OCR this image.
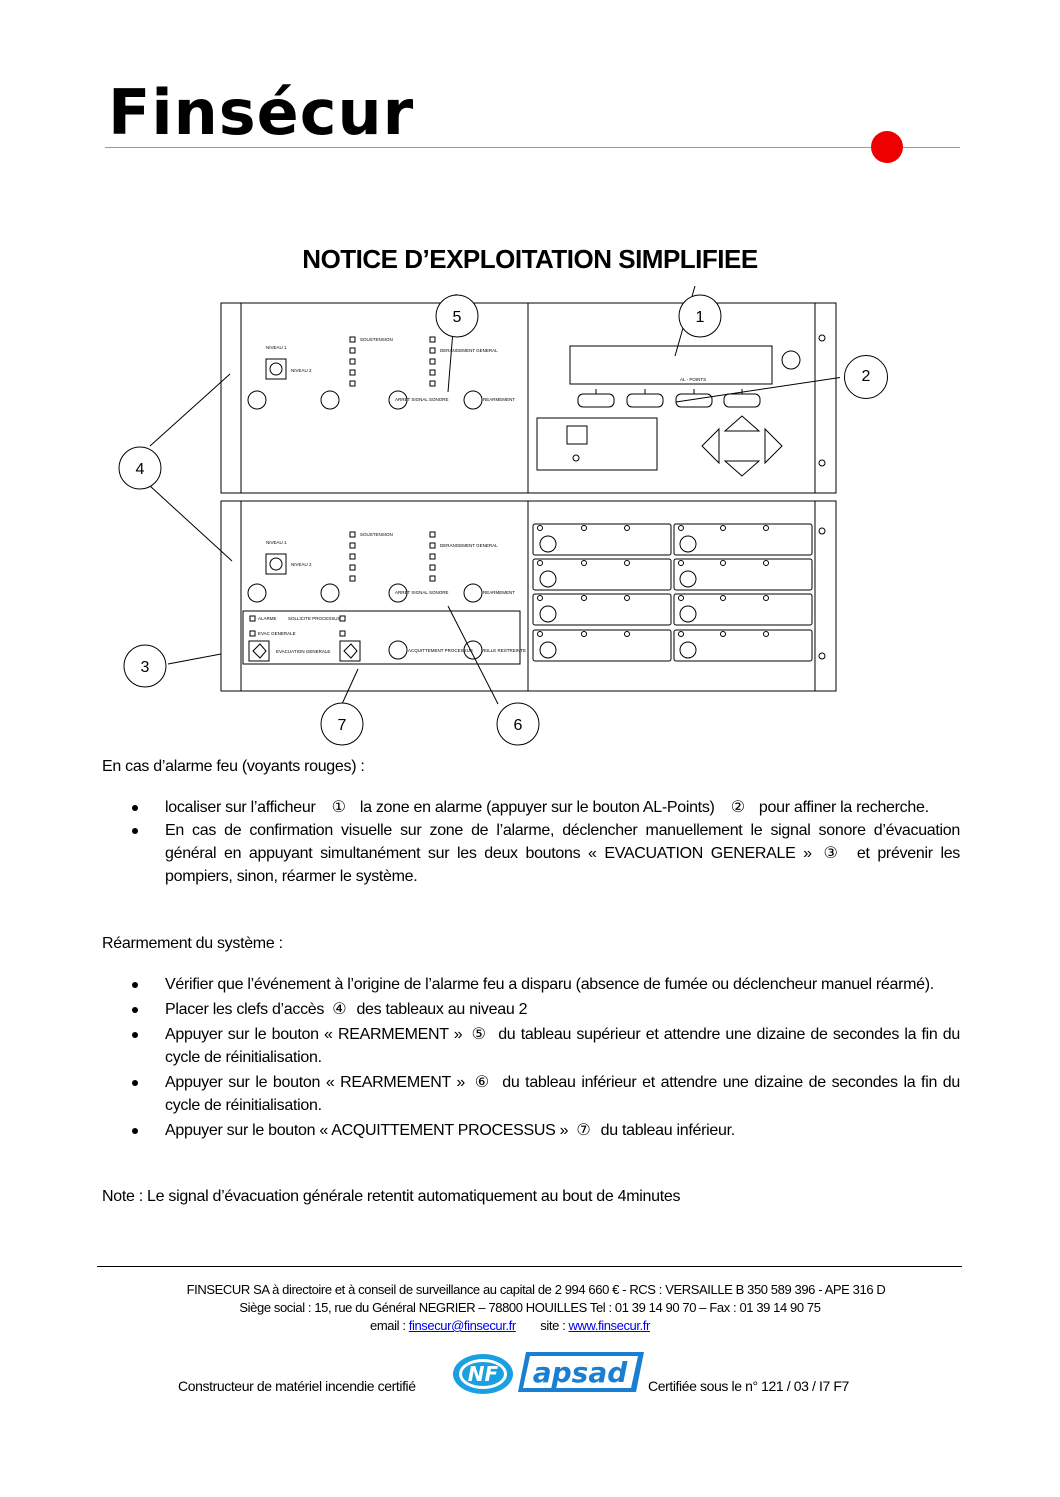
Finsécur
NOTICE D’EXPLOITATION SIMPLIFIEE
5	1
4
3
7	6
SOUSTENSION
DERANGEMENT GENERAL
NIVEAU 1
NIVEAU 2
ARRET SIGNAL SONORE	REARMEMENT
AL - POINTS
SOUSTENSION
DERANGEMENT GENERAL
NIVEAU 1
NIVEAU 2
ARRET SIGNAL SONORE	REARMEMENT
ALARME	SOLLICITE PROCESSUS
EVAC GENERALE
EVACUATION GENERALE	ACQUITTEMENT PROCESSUS VEILLE RESTREINTE
2
En cas d’alarme feu (voyants rouges) :
localiser sur l’afficheur ① la zone en alarme (appuyer sur le bouton AL-Points) ② pour affiner la recherche.
En cas de confirmation visuelle sur zone de l’alarme, déclencher manuellement le signal sonore d’évacuation général en appuyant simultanément sur les deux boutons « EVACUATION GENERALE » ③ et prévenir les pompiers, sinon, réarmer le système.
Réarmement du système :
Vérifier que l’événement à l’origine de l’alarme feu a disparu (absence de fumée ou déclencheur manuel réarmé).
Placer les clefs d’accès ④ des tableaux au niveau 2
Appuyer sur le bouton « REARMEMENT » ⑤ du tableau supérieur et attendre une dizaine de secondes la fin du cycle de réinitialisation.
Appuyer sur le bouton « REARMEMENT » ⑥ du tableau inférieur et attendre une dizaine de secondes la fin du cycle de réinitialisation.
Appuyer sur le bouton « ACQUITTEMENT PROCESSUS » ⑦ du tableau inférieur.
Note : Le signal d’évacuation générale retentit automatiquement au bout de 4minutes
FINSECUR SA à directoire et à conseil de surveillance au capital de 2 994 660 € - RCS : VERSAILLE B 350 589 396 - APE 316 D
Siège social : 15, rue du Général NEGRIER – 78800 HOUILLES Tel : 01 39 14 90 70 – Fax : 01 39 14 90 75
email : finsecur@finsecur.fr site : www.finsecur.fr
Constructeur de matériel incendie certifié	NF apsad Certifiée sous le n° 121 / 03 / I7 F7
